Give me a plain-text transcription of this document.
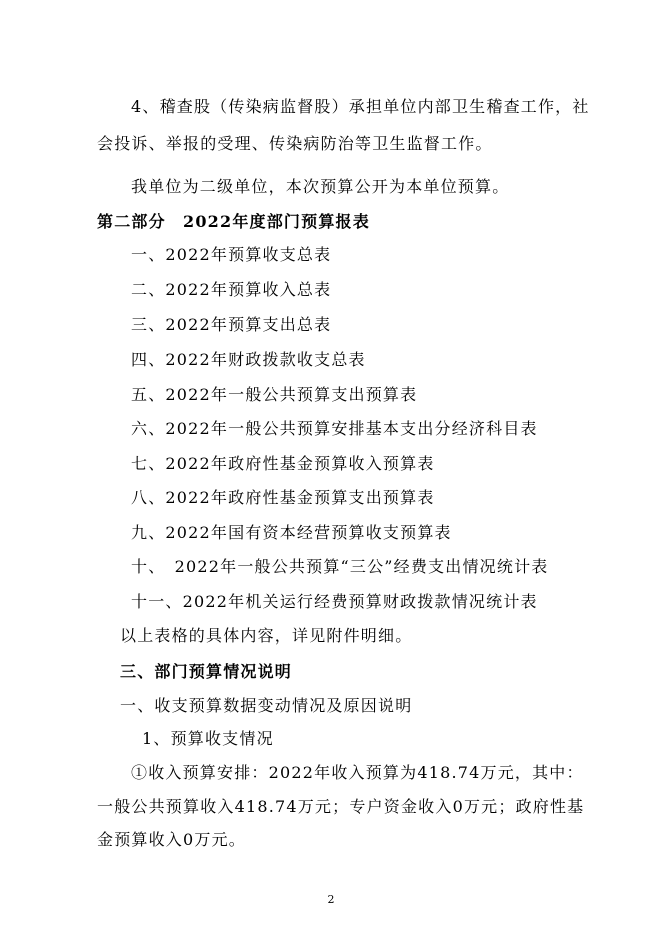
4、稽查股（传染病监督股）承担单位内部卫生稽查工作，社
会投诉、举报的受理、传染病防治等卫生监督工作。
我单位为二级单位，本次预算公开为本单位预算。
第二部分　2022年度部门预算报表
一、2022年预算收支总表
二、2022年预算收入总表
三、2022年预算支出总表
四、2022年财政拨款收支总表
五、2022年一般公共预算支出预算表
六、2022年一般公共预算安排基本支出分经济科目表
七、2022年政府性基金预算收入预算表
八、2022年政府性基金预算支出预算表
九、2022年国有资本经营预算收支预算表
十、　2022年一般公共预算“三公”经费支出情况统计表
十一、2022年机关运行经费预算财政拨款情况统计表
以上表格的具体内容，详见附件明细。
三、部门预算情况说明
一、收支预算数据变动情况及原因说明
1、预算收支情况
①收入预算安排：2022年收入预算为418.74万元，其中：
一般公共预算收入418.74万元；专户资金收入0万元；政府性基
金预算收入0万元。
2
